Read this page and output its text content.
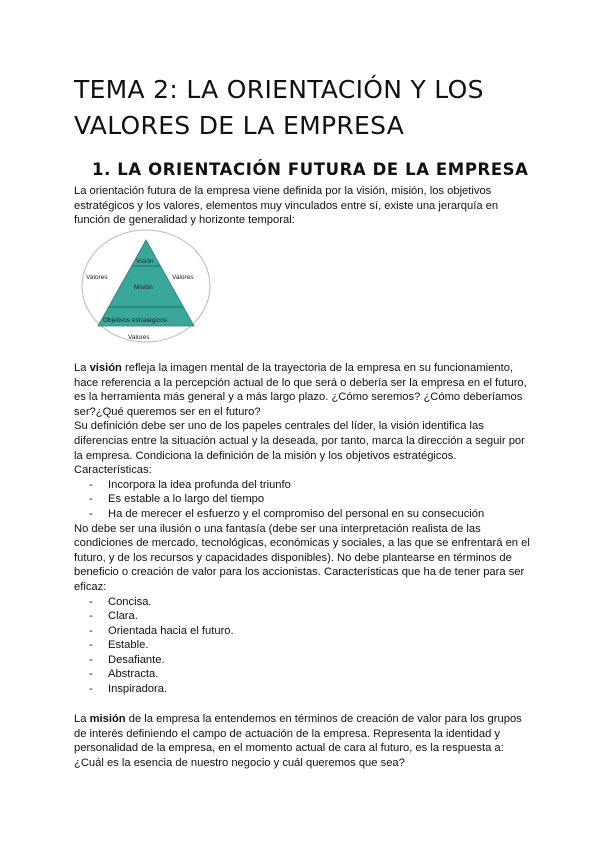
TEMA 2: LA ORIENTACIÓN Y LOS VALORES DE LA EMPRESA
1. LA ORIENTACIÓN FUTURA DE LA EMPRESA

La orientación futura de la empresa viene definida por la visión, misión, los objetivos estratégicos y los valores, elementos muy vinculados entre sí, existe una jerarquía en función de generalidad y horizonte temporal:

Visión
Misión
Objetivos estratégicos
Valores	Valores
Valores

La visión refleja la imagen mental de la trayectoria de la empresa en su funcionamiento, hace referencia a la percepción actual de lo que será o debería ser la empresa en el futuro, es la herramienta más general y a más largo plazo. ¿Cómo seremos? ¿Cómo deberíamos ser?¿Qué queremos ser en el futuro?

Su definición debe ser uno de los papeles centrales del líder, la visión identifica las diferencias entre la situación actual y la deseada, por tanto, marca la dirección a seguir por la empresa. Condiciona la definición de la misión y los objetivos estratégicos.

Características:

- Incorpora la idea profunda del triunfo
- Es estable a lo largo del tiempo
- Ha de merecer el esfuerzo y el compromiso del personal en su consecución

No debe ser una ilusión o una fantasía (debe ser una interpretación realista de las condiciones de mercado, tecnológicas, económicas y sociales, a las que se enfrentará en el futuro, y de los recursos y capacidades disponibles). No debe plantearse en términos de beneficio o creación de valor para los accionistas. Características que ha de tener para ser eficaz:

- Concisa.
- Clara.
- Orientada hacia el futuro.
- Estable.
- Desafiante.
- Abstracta.
- Inspiradora.

La misión de la empresa la entendemos en términos de creación de valor para los grupos de interés definiendo el campo de actuación de la empresa. Representa la identidad y personalidad de la empresa, en el momento actual de cara al futuro, es la respuesta a: ¿Cuál es la esencia de nuestro negocio y cuál queremos que sea?
